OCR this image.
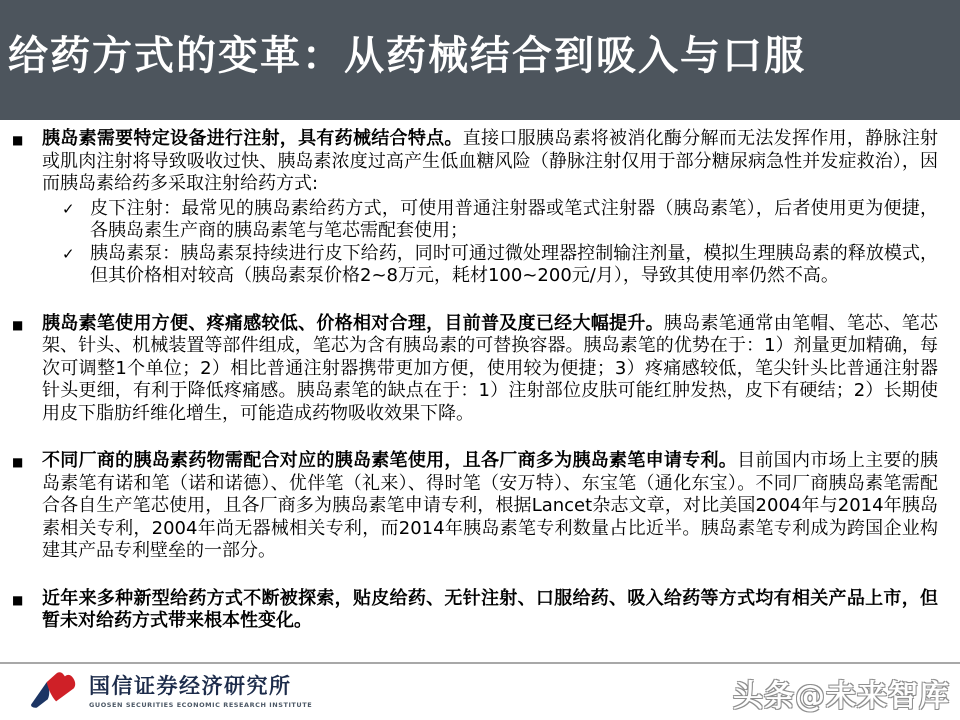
给药方式的变革：从药械结合到吸入与口服
■	胰岛素需要特定设备进行注射，具有药械结合特点。直接口服胰岛素将被消化酶分解而无法发挥作用，静脉注射或肌肉注射将导致吸收过快、胰岛素浓度过高产生低血糖风险（静脉注射仅用于部分糖尿病急性并发症救治），因而胰岛素给药多采取注射给药方式:

✓ 皮下注射：最常见的胰岛素给药方式，可使用普通注射器或笔式注射器（胰岛素笔），后者使用更为便捷，各胰岛素生产商的胰岛素笔与笔芯需配套使用；

✓ 胰岛素泵：胰岛素泵持续进行皮下给药，同时可通过微处理器控制输注剂量，模拟生理胰岛素的释放模式，但其价格相对较高（胰岛素泵价格2~8万元，耗材100~200元/月），导致其使用率仍然不高。

■	胰岛素笔使用方便、疼痛感较低、价格相对合理，目前普及度已经大幅提升。胰岛素笔通常由笔帽、笔芯、笔芯架、针头、机械装置等部件组成，笔芯为含有胰岛素的可替换容器。胰岛素笔的优势在于：1）剂量更加精确，每次可调整1个单位；2）相比普通注射器携带更加方便，使用较为便捷；3）疼痛感较低，笔尖针头比普通注射器针头更细，有利于降低疼痛感。胰岛素笔的缺点在于：1）注射部位皮肤可能红肿发热，皮下有硬结；2）长期使用皮下脂肪纤维化增生，可能造成药物吸收效果下降。

■	不同厂商的胰岛素药物需配合对应的胰岛素笔使用，且各厂商多为胰岛素笔申请专利。目前国内市场上主要的胰岛素笔有诺和笔（诺和诺德）、优伴笔（礼来）、得时笔（安万特）、东宝笔（通化东宝）。不同厂商胰岛素笔需配合各自生产笔芯使用，且各厂商多为胰岛素笔申请专利，根据Lancet杂志文章，对比美国2004年与2014年胰岛素相关专利，2004年尚无器械相关专利，而2014年胰岛素笔专利数量占比近半。胰岛素笔专利成为跨国企业构建其产品专利壁垒的一部分。

■	近年来多种新型给药方式不断被探索，贴皮给药、无针注射、口服给药、吸入给药等方式均有相关产品上市，但暂未对给药方式带来根本性变化。

国信证券经济研究所
GUOSEN SECURITIES ECONOMIC RESEARCH INSTITUTE	头条@未来智库
